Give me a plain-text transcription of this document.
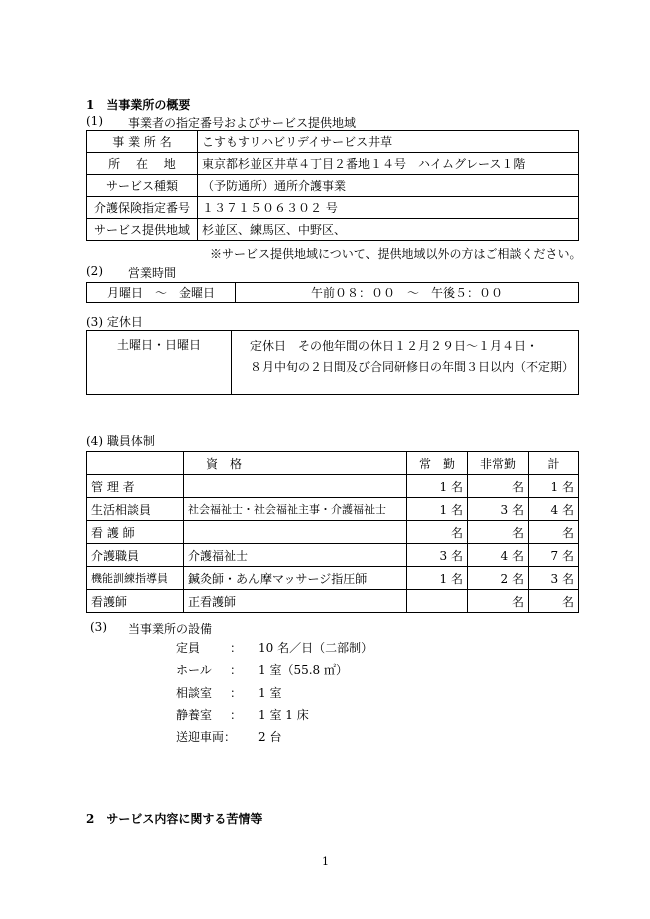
1　当事業所の概要
(1) 事業者の指定番号およびサービス提供地域
事 業 所 名	こすもすリハビリデイサービス井草
所　 在　 地	東京都杉並区井草４丁目２番地１４号　ハイムグレース１階
サービス種類	（予防通所）通所介護事業
介護保険指定番号	１３７１５０６３０２ 号
サービス提供地域	杉並区、練馬区、中野区、
※サービス提供地域について、提供地域以外の方はご相談ください。
(2) 営業時間
月曜日　～　金曜日	午前０８：００　～　午後５：００
(3) 定休日
土曜日・日曜日	定休日　その他年間の休日１２月２９日～１月４日・
８月中旬の２日間及び合同研修日の年間３日以内（不定期）
(4) 職員体制
	資　格	常　勤	非常勤	計
管 理 者		1 名	名	1 名
生活相談員	社会福祉士・社会福祉主事・介護福祉士	1 名	3 名	4 名
看 護 師		名	名	名
介護職員	介護福祉士	3 名	4 名	7 名
機能訓練指導員	鍼灸師・あん摩マッサージ指圧師	1 名	2 名	3 名
看護師	正看護師		名	名
(3) 当事業所の設備
定員 ： 10 名／日（二部制）
ホール ： 1 室（55.8 ㎡）
相談室 ： 1 室
静養室 ： 1 室 1 床
送迎車両： 2 台
2　サービス内容に関する苦情等
1
